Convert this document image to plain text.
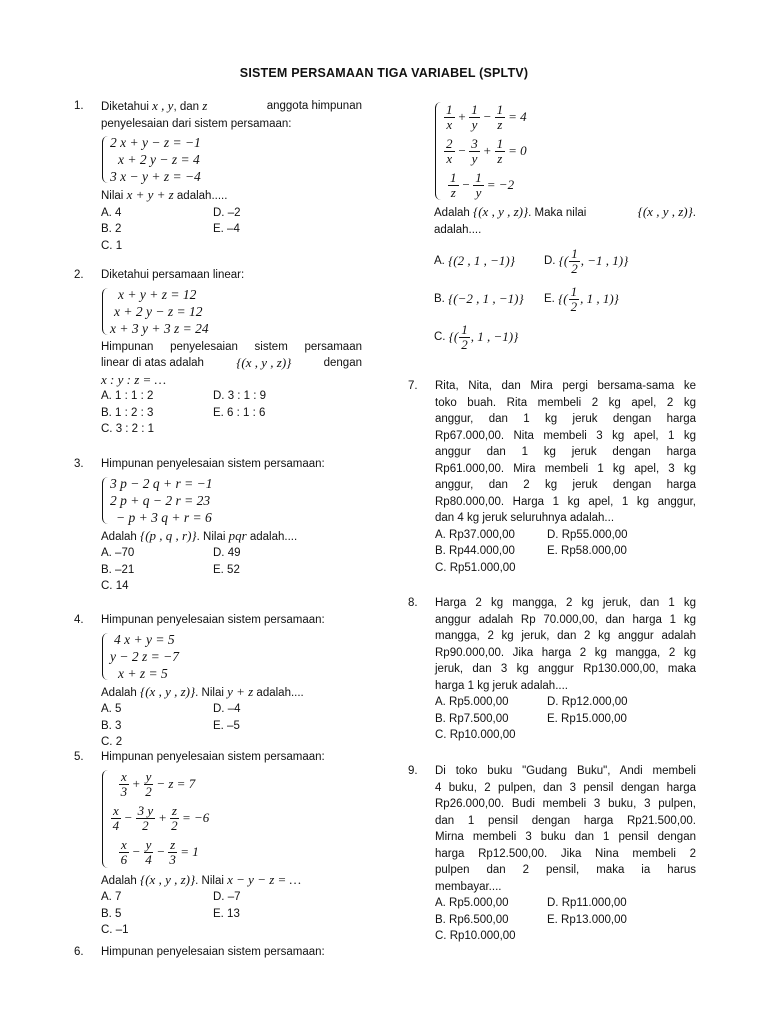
SISTEM PERSAMAAN TIGA VARIABEL (SPLTV)
1. Diketahui x , y, dan z	anggota himpunan
penyelesaian dari sistem persamaan:
2 x + y − z = −1
x + 2 y − z = 4
3 x − y + z = −4
Nilai x + y + z adalah.....
A. 4	D. –2
B. 2	E. –4
C. 1
2. Diketahui persamaan linear:
x + y + z = 12
x + 2 y − z = 12
x + 3 y + 3 z = 24
Himpunan penyelesaian sistem persamaan
linear di atas adalah {(x , y , z)}	dengan
x : y : z = …
A. 1 : 1 : 2	D. 3 : 1 : 9
B. 1 : 2 : 3	E. 6 : 1 : 6
C. 3 : 2 : 1
3. Himpunan penyelesaian sistem persamaan:
3 p − 2 q + r = −1
2 p + q − 2 r = 23
− p + 3 q + r = 6
Adalah {(p , q , r)}. Nilai pqr adalah....
A. –70	D. 49
B. –21	E. 52
C. 14
4. Himpunan penyelesaian sistem persamaan:
4 x + y = 5
y − 2 z = −7
x + z = 5
Adalah {(x , y , z)}. Nilai y + z adalah....
A. 5	D. –4
B. 3	E. –5
C. 2
5. Himpunan penyelesaian sistem persamaan:
$\frac{x}{3} + \frac{y}{2} - z = 7$
$\frac{x}{4} - \frac{3 y}{2} + \frac{z}{2} = -6$
$\frac{x}{6} - \frac{y}{4} - \frac{z}{3} = 1$
Adalah {(x , y , z)}. Nilai x − y − z = …
A. 7	D. –7
B. 5	E. 13
C. –1
6. Himpunan penyelesaian sistem persamaan:
$\frac{1}{x} + \frac{1}{y} - \frac{1}{z} = 4$
$\frac{2}{x} - \frac{3}{y} + \frac{1}{z} = 0$
$\frac{1}{z} - \frac{1}{y} = -2$
Adalah {(x , y , z)}. Maka nilai	{(x , y , z)}.
adalah....
A. {(2 , 1 , −1)}	D. {( $\frac{1}{2}$ , −1 , 1)}
B. {(−2 , 1 , −1)} E. {( $\frac{1}{2}$ , 1 , 1)}
C. {( $\frac{1}{2}$ , 1 , −1)}
7. Rita, Nita, dan Mira pergi bersama-sama ke
toko buah. Rita membeli 2 kg apel, 2 kg
anggur, dan 1 kg jeruk dengan harga
Rp67.000,00. Nita membeli 3 kg apel, 1 kg
anggur dan 1 kg jeruk dengan harga
Rp61.000,00. Mira membeli 1 kg apel, 3 kg
anggur, dan 2 kg jeruk dengan harga
Rp80.000,00. Harga 1 kg apel, 1 kg anggur,
dan 4 kg jeruk seluruhnya adalah...
A. Rp37.000,00	D. Rp55.000,00
B. Rp44.000,00	E. Rp58.000,00
C. Rp51.000,00
8. Harga 2 kg mangga, 2 kg jeruk, dan 1 kg
anggur adalah Rp 70.000,00, dan harga 1 kg
mangga, 2 kg jeruk, dan 2 kg anggur adalah
Rp90.000,00. Jika harga 2 kg mangga, 2 kg
jeruk, dan 3 kg anggur Rp130.000,00, maka
harga 1 kg jeruk adalah....
A. Rp5.000,00	D. Rp12.000,00
B. Rp7.500,00	E. Rp15.000,00
C. Rp10.000,00
9. Di toko buku "Gudang Buku", Andi membeli
4 buku, 2 pulpen, dan 3 pensil dengan harga
Rp26.000,00. Budi membeli 3 buku, 3 pulpen,
dan 1 pensil dengan harga Rp21.500,00.
Mirna membeli 3 buku dan 1 pensil dengan
harga Rp12.500,00. Jika Nina membeli 2
pulpen dan 2 pensil, maka ia harus
membayar....
A. Rp5.000,00	D. Rp11.000,00
B. Rp6.500,00	E. Rp13.000,00
C. Rp10.000,00
